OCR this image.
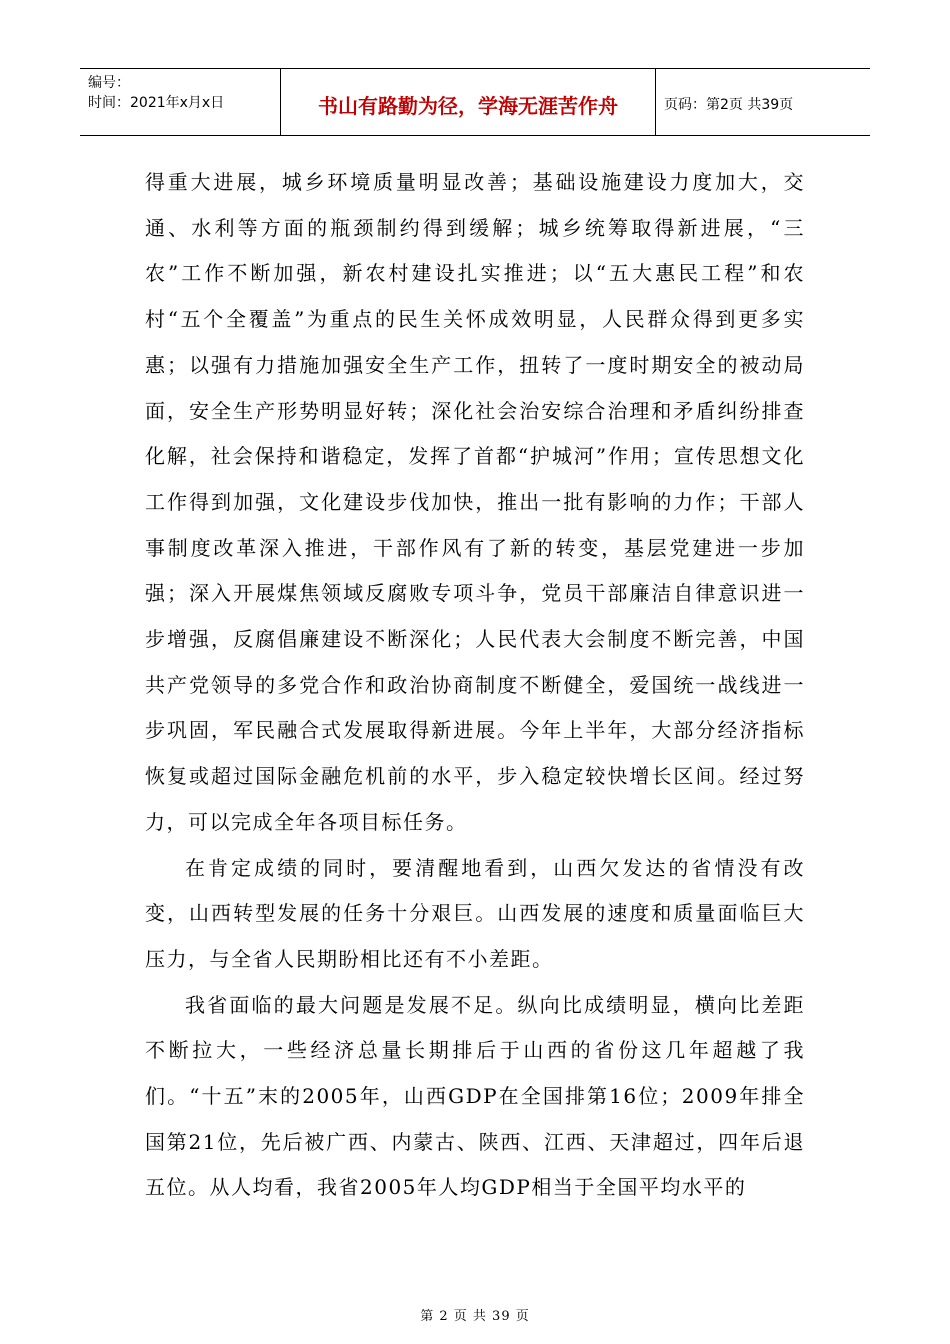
编号：
时间：2021年x月x日	书山有路勤为径，学海无涯苦作舟	页码：第2页 共39页

得重大进展，城乡环境质量明显改善；基础设施建设力度加大，交通、水利等方面的瓶颈制约得到缓解；城乡统筹取得新进展，“三农”工作不断加强，新农村建设扎实推进；以“五大惠民工程”和农村“五个全覆盖”为重点的民生关怀成效明显，人民群众得到更多实惠；以强有力措施加强安全生产工作，扭转了一度时期安全的被动局面，安全生产形势明显好转；深化社会治安综合治理和矛盾纠纷排查化解，社会保持和谐稳定，发挥了首都“护城河”作用；宣传思想文化工作得到加强，文化建设步伐加快，推出一批有影响的力作；干部人事制度改革深入推进，干部作风有了新的转变，基层党建进一步加强；深入开展煤焦领域反腐败专项斗争，党员干部廉洁自律意识进一步增强，反腐倡廉建设不断深化；人民代表大会制度不断完善，中国共产党领导的多党合作和政治协商制度不断健全，爱国统一战线进一步巩固，军民融合式发展取得新进展。今年上半年，大部分经济指标恢复或超过国际金融危机前的水平，步入稳定较快增长区间。经过努力，可以完成全年各项目标任务。

在肯定成绩的同时，要清醒地看到，山西欠发达的省情没有改变，山西转型发展的任务十分艰巨。山西发展的速度和质量面临巨大压力，与全省人民期盼相比还有不小差距。

我省面临的最大问题是发展不足。纵向比成绩明显，横向比差距不断拉大，一些经济总量长期排后于山西的省份这几年超越了我们。“十五”末的2005年，山西GDP在全国排第16位；2009年排全国第21位，先后被广西、内蒙古、陕西、江西、天津超过，四年后退五位。从人均看，我省2005年人均GDP相当于全国平均水平的

第 2 页 共 39 页
